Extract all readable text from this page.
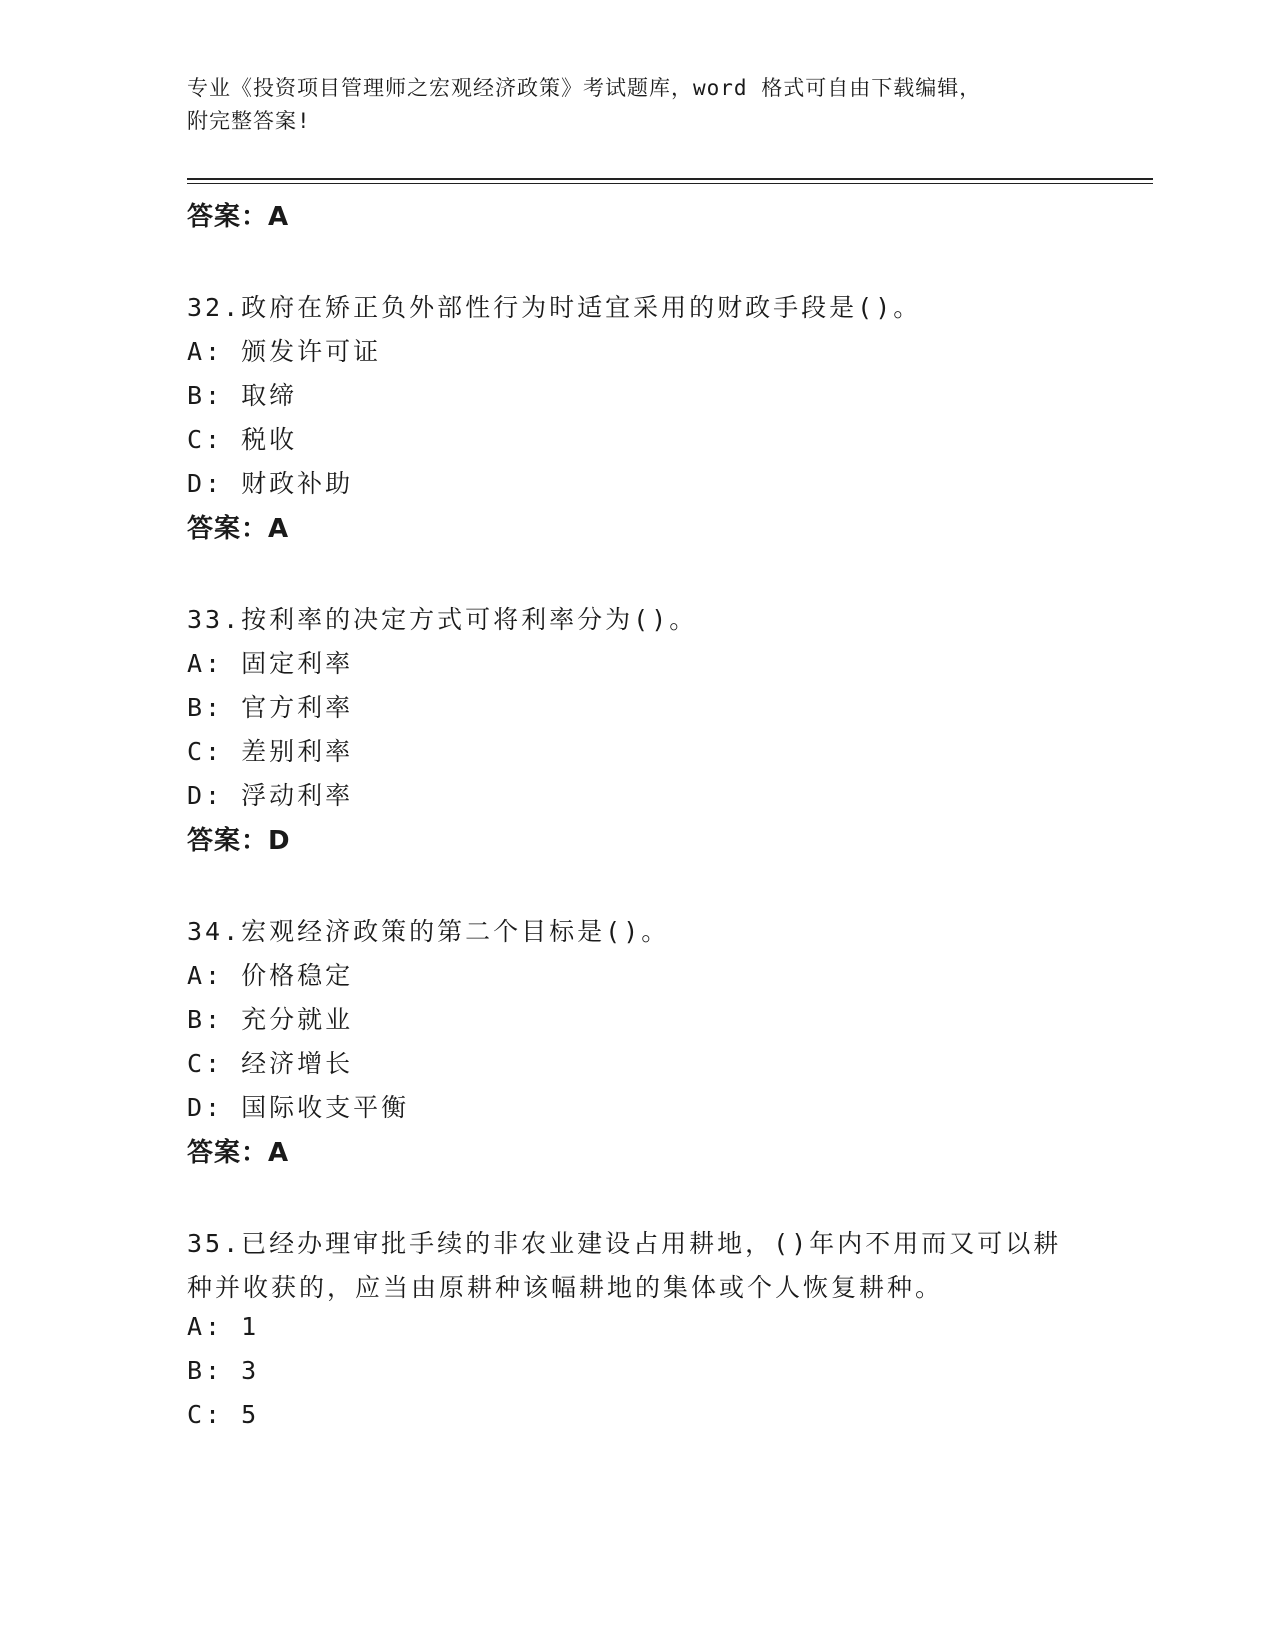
专业《投资项目管理师之宏观经济政策》考试题库，word 格式可自由下载编辑，
附完整答案!
答案：A
32.政府在矫正负外部性行为时适宜采用的财政手段是()。
A: 颁发许可证
B: 取缔
C: 税收
D: 财政补助
答案：A
33.按利率的决定方式可将利率分为()。
A: 固定利率
B: 官方利率
C: 差别利率
D: 浮动利率
答案：D
34.宏观经济政策的第二个目标是()。
A: 价格稳定
B: 充分就业
C: 经济增长
D: 国际收支平衡
答案：A
35.已经办理审批手续的非农业建设占用耕地，()年内不用而又可以耕
种并收获的，应当由原耕种该幅耕地的集体或个人恢复耕种。
A: 1
B: 3
C: 5
